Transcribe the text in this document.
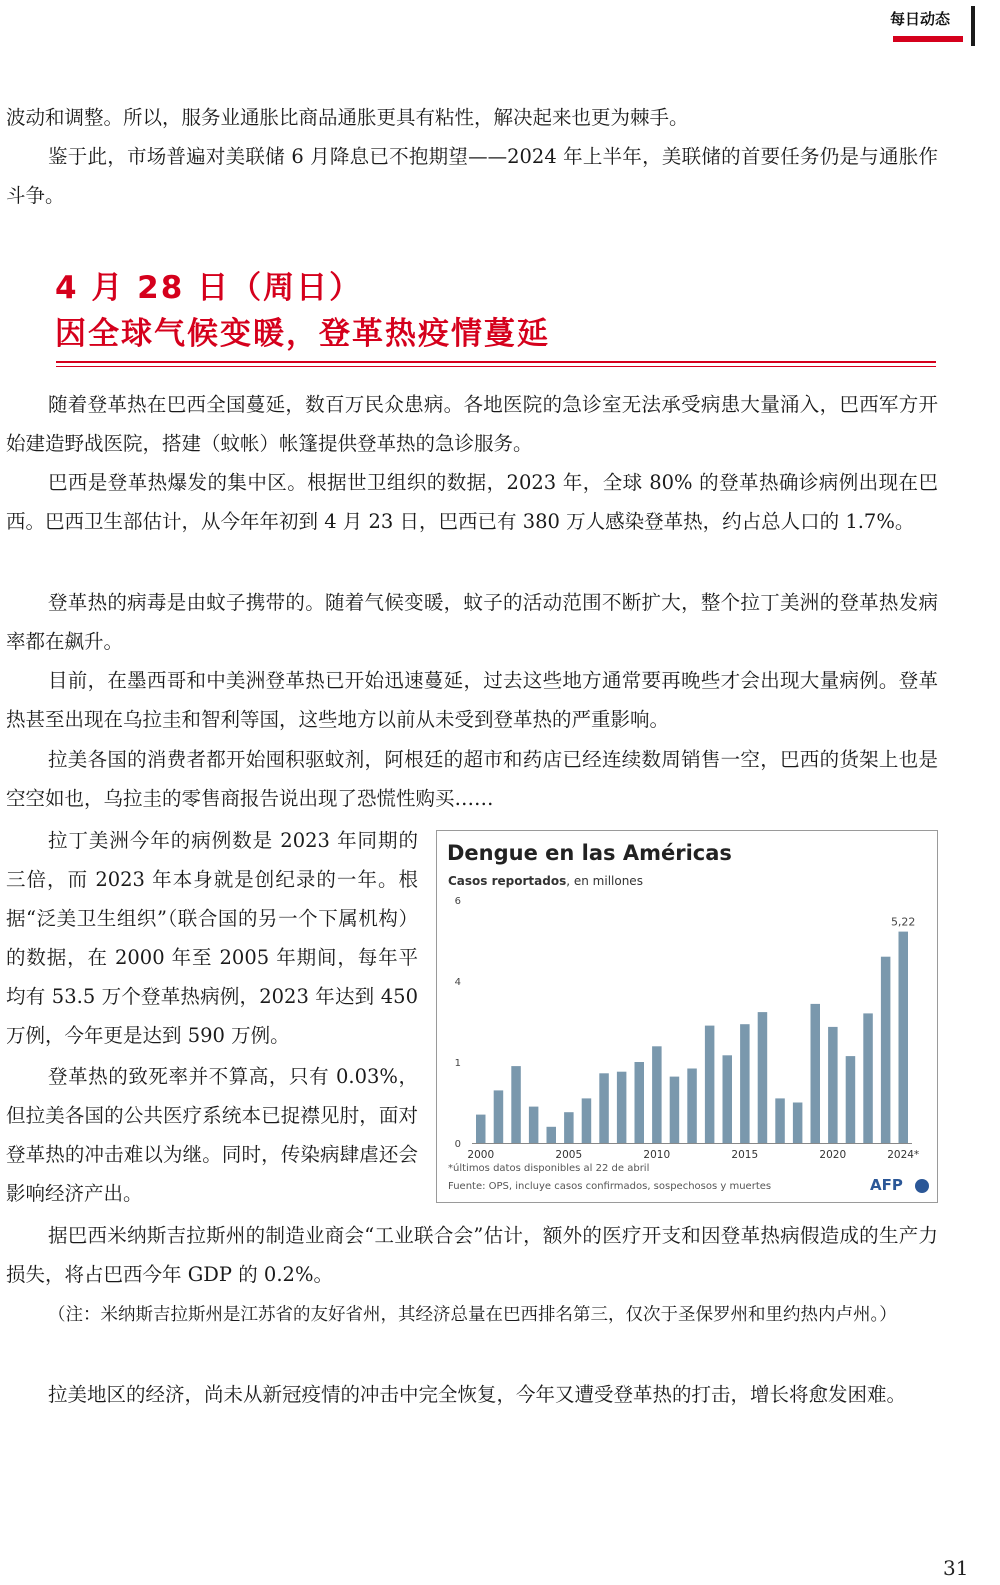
每日动态

波动和调整。所以，服务业通胀比商品通胀更具有粘性，解决起来也更为棘手。

鉴于此，市场普遍对美联储 6 月降息已不抱期望——2024 年上半年，美联储的首要任务仍是与通胀作斗争。

4 月 28 日（周日）
因全球气候变暖，登革热疫情蔓延

随着登革热在巴西全国蔓延，数百万民众患病。各地医院的急诊室无法承受病患大量涌入，巴西军方开始建造野战医院，搭建（蚊帐）帐篷提供登革热的急诊服务。

巴西是登革热爆发的集中区。根据世卫组织的数据，2023 年，全球 80% 的登革热确诊病例出现在巴西。巴西卫生部估计，从今年年初到 4 月 23 日，巴西已有 380 万人感染登革热，约占总人口的 1.7%。

登革热的病毒是由蚊子携带的。随着气候变暖，蚊子的活动范围不断扩大，整个拉丁美洲的登革热发病率都在飙升。

目前，在墨西哥和中美洲登革热已开始迅速蔓延，过去这些地方通常要再晚些才会出现大量病例。登革热甚至出现在乌拉圭和智利等国，这些地方以前从未受到登革热的严重影响。

拉美各国的消费者都开始囤积驱蚊剂，阿根廷的超市和药店已经连续数周销售一空，巴西的货架上也是空空如也，乌拉圭的零售商报告说出现了恐慌性购买……

拉丁美洲今年的病例数是 2023 年同期的三倍，而 2023 年本身就是创纪录的一年。根据“泛美卫生组织”（联合国的另一个下属机构）的数据，在 2000 年至 2005 年期间，每年平均有 53.5 万个登革热病例，2023 年达到 450 万例，今年更是达到 590 万例。

登革热的致死率并不算高，只有 0.03%，但拉美各国的公共医疗系统本已捉襟见肘，面对登革热的冲击难以为继。同时，传染病肆虐还会影响经济产出。

Dengue en las Américas
Casos reportados, en millones
0
1
4
6
2000	2005	2010	2015	2020	2024*
5,22
*últimos datos disponibles al 22 de abril
Fuente: OPS, incluye casos confirmados, sospechosos y muertes	AFP

据巴西米纳斯吉拉斯州的制造业商会“工业联合会”估计，额外的医疗开支和因登革热病假造成的生产力损失，将占巴西今年 GDP 的 0.2%。

（注：米纳斯吉拉斯州是江苏省的友好省州，其经济总量在巴西排名第三，仅次于圣保罗州和里约热内卢州。）

拉美地区的经济，尚未从新冠疫情的冲击中完全恢复，今年又遭受登革热的打击，增长将愈发困难。

31
